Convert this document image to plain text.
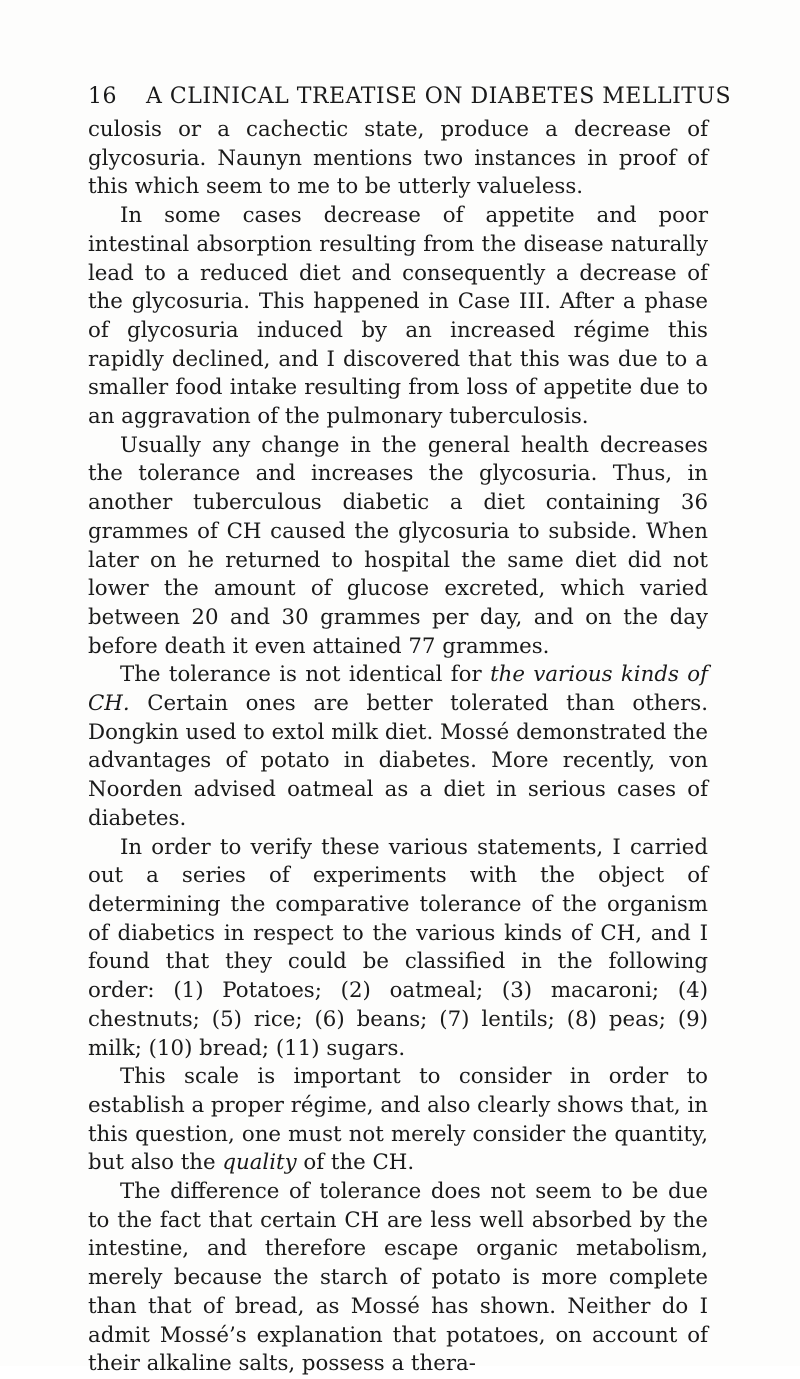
16 A CLINICAL TREATISE ON DIABETES MELLITUS

culosis or a cachectic state, produce a decrease of glycosuria. Naunyn mentions two instances in proof of this which seem to me to be utterly valueless.

In some cases decrease of appetite and poor intestinal absorption resulting from the disease naturally lead to a reduced diet and consequently a decrease of the glycosuria. This happened in Case III. After a phase of glycosuria induced by an increased régime this rapidly declined, and I discovered that this was due to a smaller food intake resulting from loss of appetite due to an aggravation of the pulmonary tuberculosis.

Usually any change in the general health decreases the tolerance and increases the glycosuria. Thus, in another tuberculous diabetic a diet containing 36 grammes of CH caused the glycosuria to subside. When later on he returned to hospital the same diet did not lower the amount of glucose excreted, which varied between 20 and 30 grammes per day, and on the day before death it even attained 77 grammes.

The tolerance is not identical for the various kinds of CH. Certain ones are better tolerated than others. Dongkin used to extol milk diet. Mossé demonstrated the advantages of potato in diabetes. More recently, von Noorden advised oatmeal as a diet in serious cases of diabetes.

In order to verify these various statements, I carried out a series of experiments with the object of determining the comparative tolerance of the organism of diabetics in respect to the various kinds of CH, and I found that they could be classified in the following order: (1) Potatoes; (2) oatmeal; (3) macaroni; (4) chestnuts; (5) rice; (6) beans; (7) lentils; (8) peas; (9) milk; (10) bread; (11) sugars.

This scale is important to consider in order to establish a proper régime, and also clearly shows that, in this question, one must not merely consider the quantity, but also the quality of the CH.

The difference of tolerance does not seem to be due to the fact that certain CH are less well absorbed by the intestine, and therefore escape organic metabolism, merely because the starch of potato is more complete than that of bread, as Mossé has shown. Neither do I admit Mossé’s explanation that potatoes, on account of their alkaline salts, possess a thera-
